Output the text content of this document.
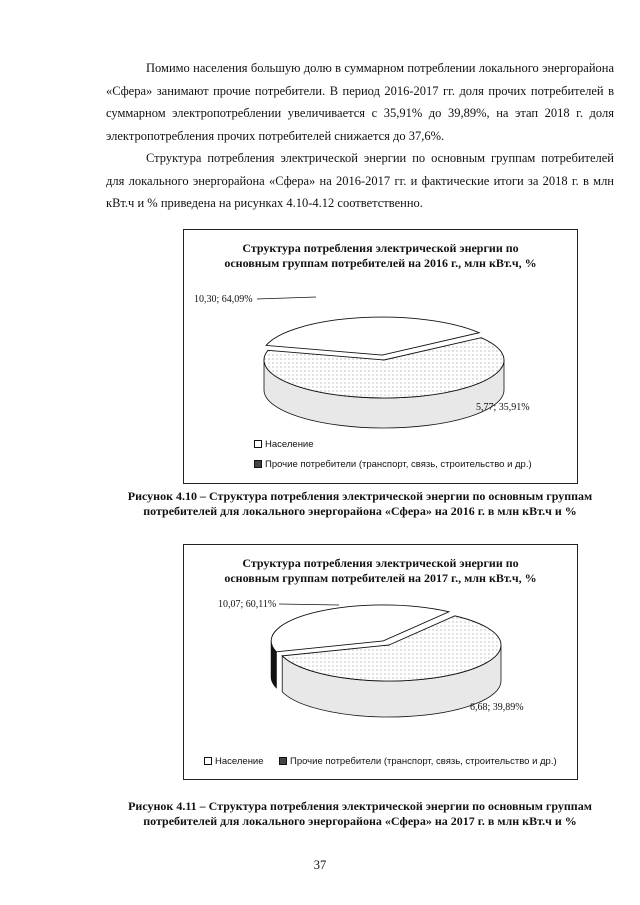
Помимо населения большую долю в суммарном потреблении локального энергорайона «Сфера» занимают прочие потребители. В период 2016-2017 гг. доля прочих потребителей в суммарном электропотреблении увеличивается с 35,91% до 39,89%, на этап 2018 г. доля электропотребления прочих потребителей снижается до 37,6%.

Структура потребления электрической энергии по основным группам потребителей для локального энергорайона «Сфера» на 2016-2017 гг. и фактические итоги за 2018 г. в млн кВт.ч и % приведена на рисунках 4.10-4.12 соответственно.

Структура потребления электрической энергии по основным группам потребителей на 2016 г., млн кВт.ч, %

10,30; 64,09%
5,77; 35,91%
Население
Прочие потребители (транспорт, связь, строительство и др.)

Рисунок 4.10 – Структура потребления электрической энергии по основным группам потребителей для локального энергорайона «Сфера» на 2016 г. в млн кВт.ч и %

Структура потребления электрической энергии по основным группам потребителей на 2017 г., млн кВт.ч, %

10,07; 60,11%
6,68; 39,89%
Население	Прочие потребители (транспорт, связь, строительство и др.)

Рисунок 4.11 – Структура потребления электрической энергии по основным группам потребителей для локального энергорайона «Сфера» на 2017 г. в млн кВт.ч и %

37
